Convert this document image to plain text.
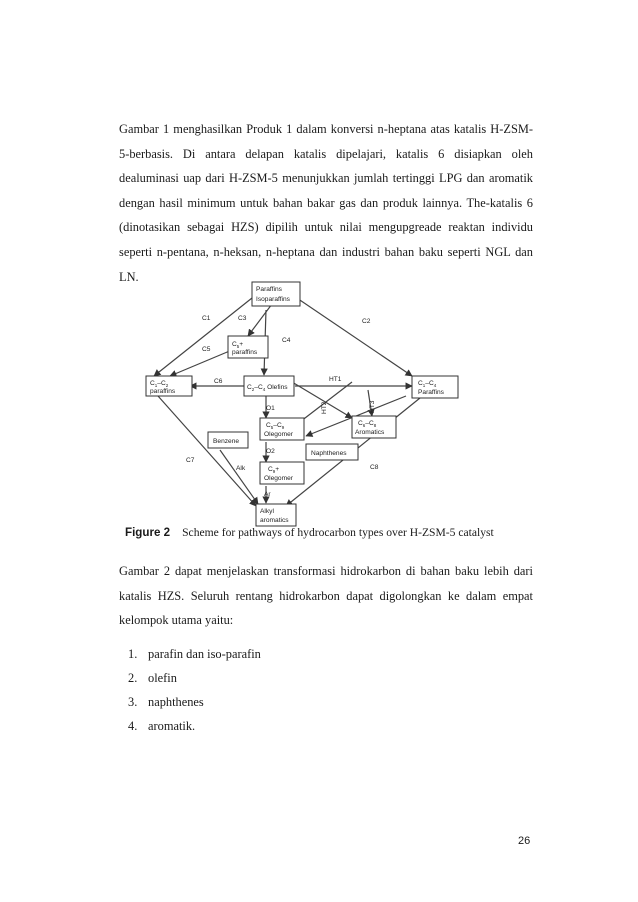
Gambar 1 menghasilkan Produk 1 dalam konversi n-heptana atas katalis H-ZSM-
5-berbasis. Di antara delapan katalis dipelajari, katalis 6 disiapkan oleh
dealuminasi uap dari H-ZSM-5 menunjukkan jumlah tertinggi LPG dan aromatik
dengan hasil minimum untuk bahan bakar gas dan produk lainnya. The-katalis 6
(dinotasikan sebagai HZS) dipilih untuk nilai mengupgreade reaktan individu
seperti n-pentana, n-heksan, n-heptana dan industri bahan baku seperti NGL dan
LN.

Paraffins
Isoparaffins
$C_5+$
paraffins
$C_1-C_2$
paraffins
$C_2-C_4$ Olefins
$C_1-C_4$
Paraffins
$C_5-C_9$
Olegomer
$C_6-C_8$
Aromatics
Benzene
Naphthenes
$C_9+$
Olegomer
Alkyl
aromatics
C1	C3	C2
C5
C4
C6	HT1
HT2	HT3
O1
O2
Alk
Ar
C7
C8
Figure 2 Scheme for pathways of hydrocarbon types over H-ZSM-5 catalyst

Gambar 2 dapat menjelaskan transformasi hidrokarbon di bahan baku lebih dari
katalis HZS. Seluruh rentang hidrokarbon dapat digolongkan ke dalam empat
kelompok utama yaitu:

1. parafin dan iso-parafin
2. olefin
3. naphthenes
4. aromatik.
26
